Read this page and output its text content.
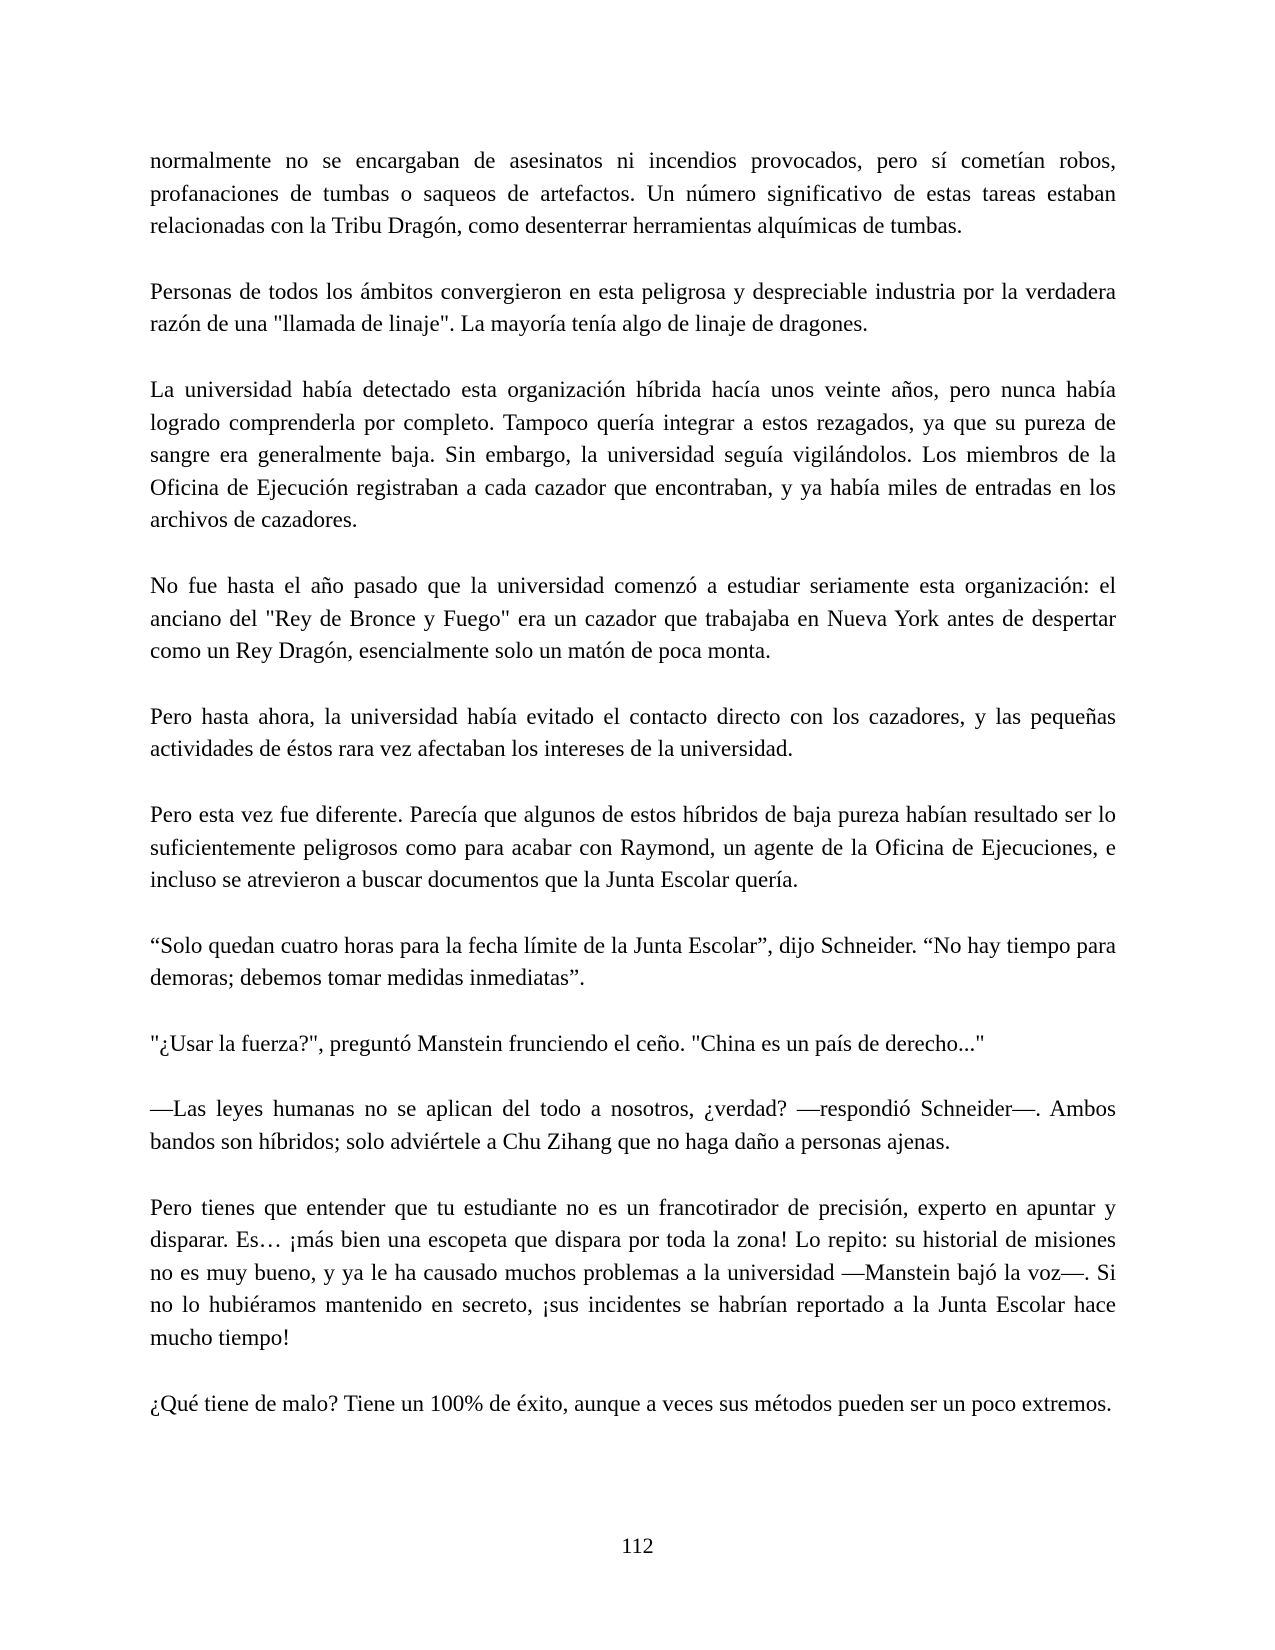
normalmente no se encargaban de asesinatos ni incendios provocados, pero sí cometían robos, profanaciones de tumbas o saqueos de artefactos. Un número significativo de estas tareas estaban relacionadas con la Tribu Dragón, como desenterrar herramientas alquímicas de tumbas.

Personas de todos los ámbitos convergieron en esta peligrosa y despreciable industria por la verdadera razón de una "llamada de linaje". La mayoría tenía algo de linaje de dragones.

La universidad había detectado esta organización híbrida hacía unos veinte años, pero nunca había logrado comprenderla por completo. Tampoco quería integrar a estos rezagados, ya que su pureza de sangre era generalmente baja. Sin embargo, la universidad seguía vigilándolos. Los miembros de la Oficina de Ejecución registraban a cada cazador que encontraban, y ya había miles de entradas en los archivos de cazadores.

No fue hasta el año pasado que la universidad comenzó a estudiar seriamente esta organización: el anciano del "Rey de Bronce y Fuego" era un cazador que trabajaba en Nueva York antes de despertar como un Rey Dragón, esencialmente solo un matón de poca monta.

Pero hasta ahora, la universidad había evitado el contacto directo con los cazadores, y las pequeñas actividades de éstos rara vez afectaban los intereses de la universidad.

Pero esta vez fue diferente. Parecía que algunos de estos híbridos de baja pureza habían resultado ser lo suficientemente peligrosos como para acabar con Raymond, un agente de la Oficina de Ejecuciones, e incluso se atrevieron a buscar documentos que la Junta Escolar quería.

“Solo quedan cuatro horas para la fecha límite de la Junta Escolar”, dijo Schneider. “No hay tiempo para demoras; debemos tomar medidas inmediatas”.

"¿Usar la fuerza?", preguntó Manstein frunciendo el ceño. "China es un país de derecho..."

—Las leyes humanas no se aplican del todo a nosotros, ¿verdad? —respondió Schneider—. Ambos bandos son híbridos; solo adviértele a Chu Zihang que no haga daño a personas ajenas.

Pero tienes que entender que tu estudiante no es un francotirador de precisión, experto en apuntar y disparar. Es… ¡más bien una escopeta que dispara por toda la zona! Lo repito: su historial de misiones no es muy bueno, y ya le ha causado muchos problemas a la universidad —Manstein bajó la voz—. Si no lo hubiéramos mantenido en secreto, ¡sus incidentes se habrían reportado a la Junta Escolar hace mucho tiempo!

¿Qué tiene de malo? Tiene un 100% de éxito, aunque a veces sus métodos pueden ser un poco extremos.

112
